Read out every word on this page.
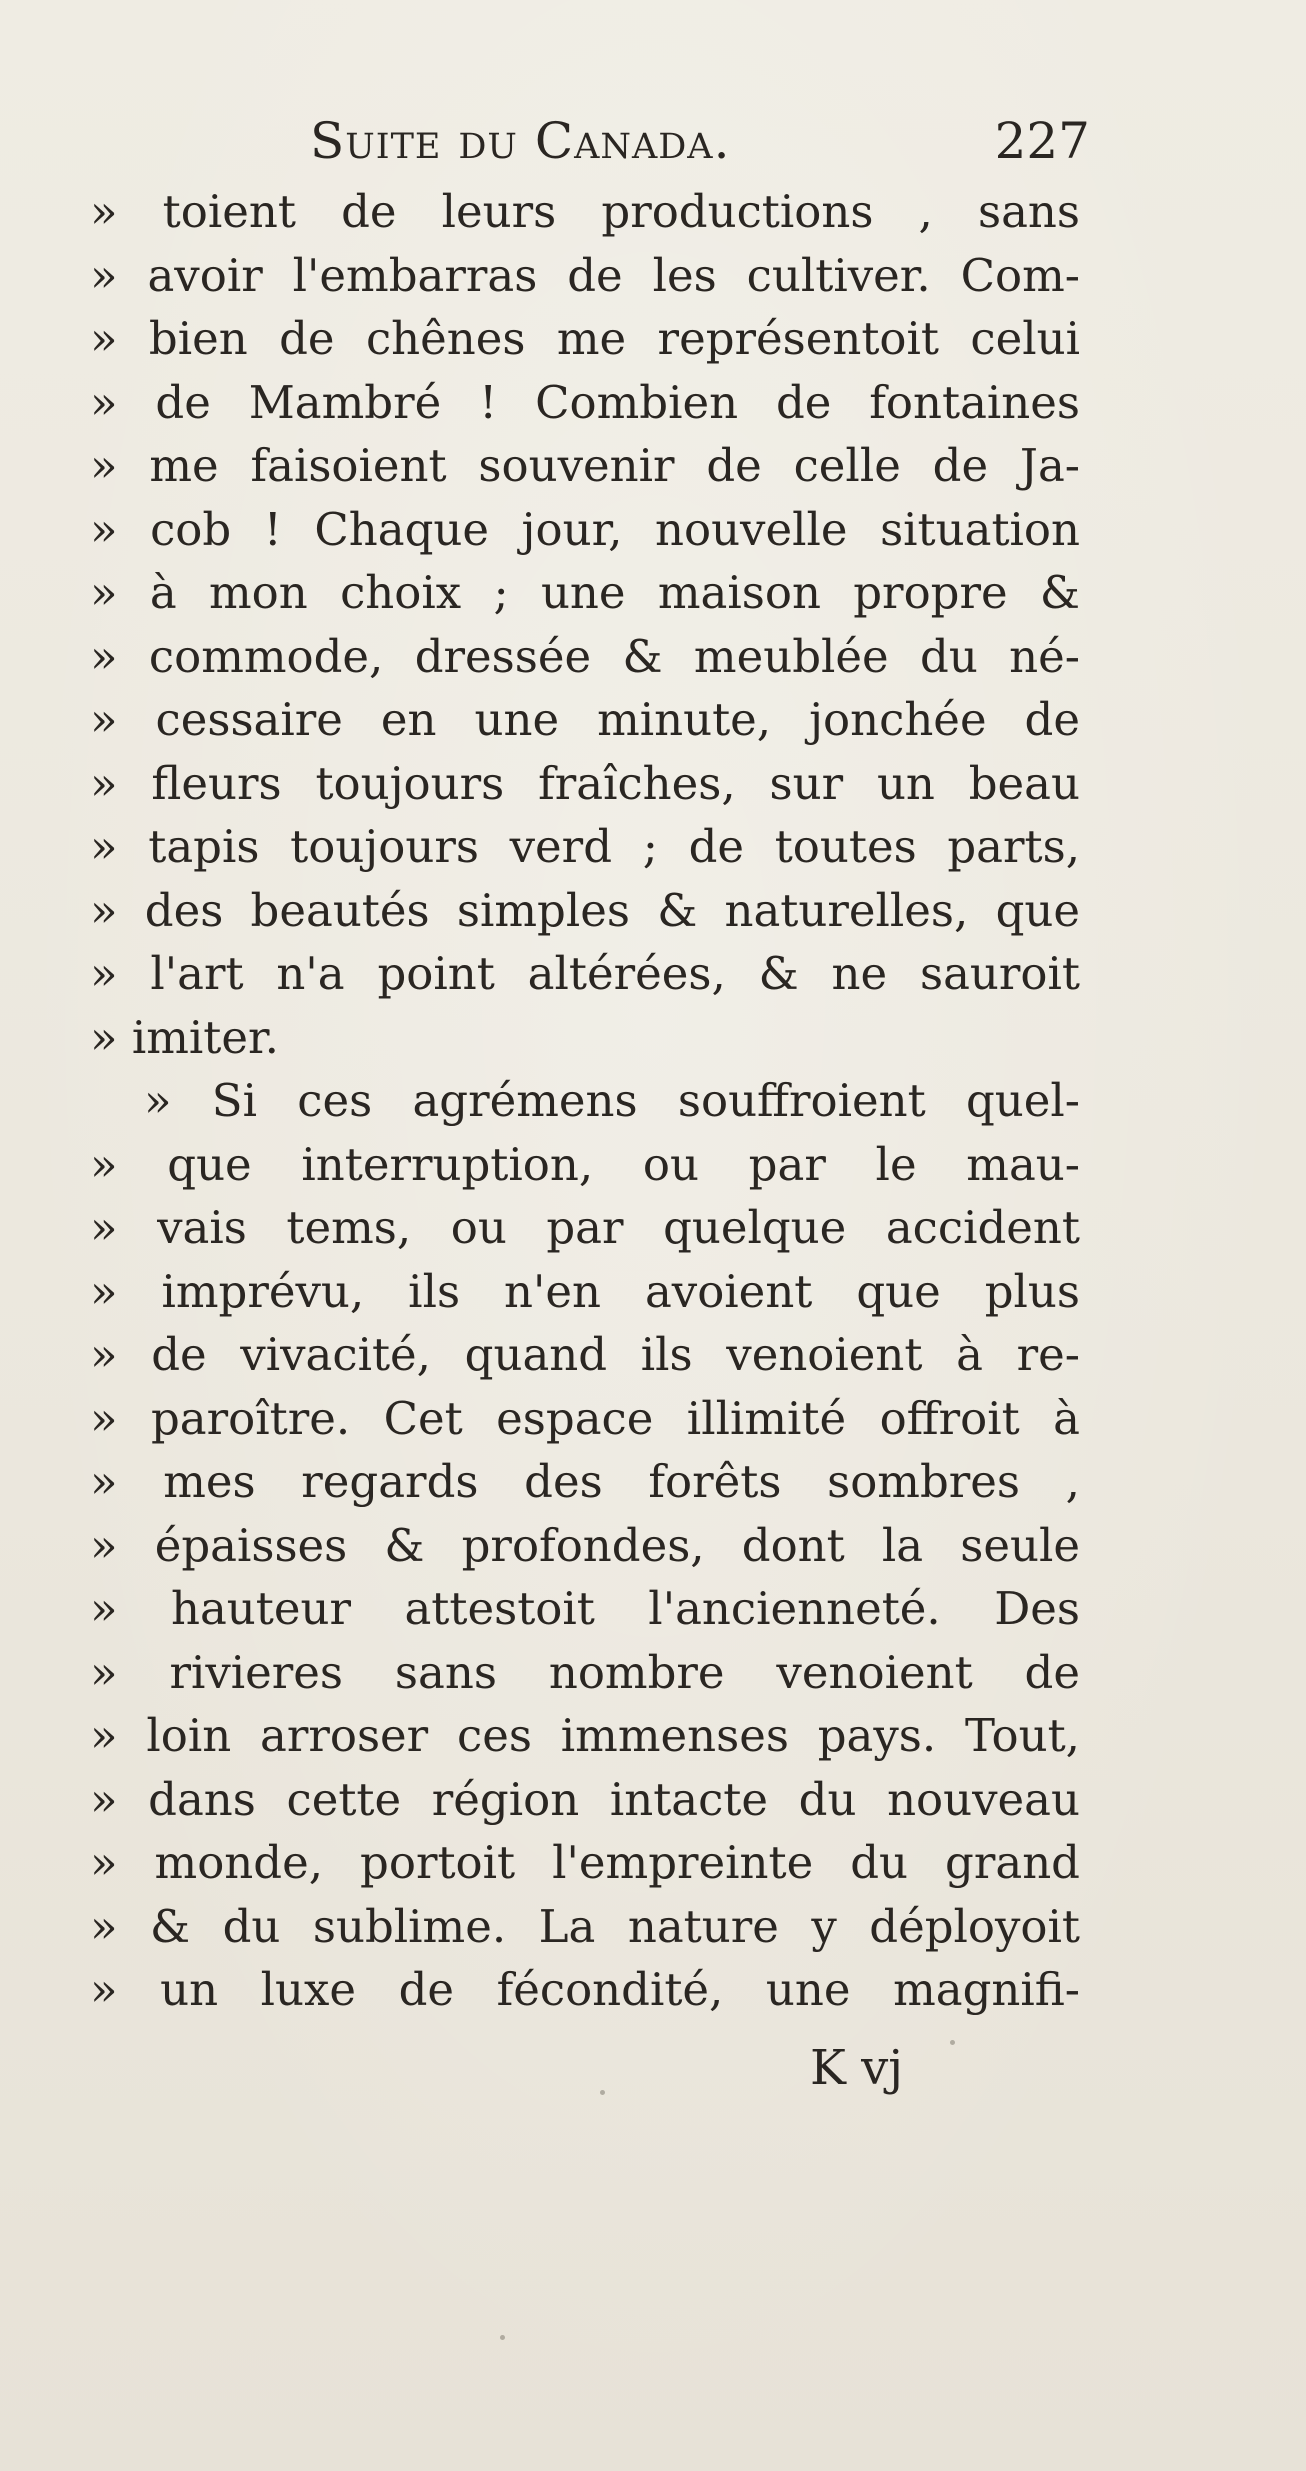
Suite du Canada.	227
» toient de leurs productions , sans
» avoir l'embarras de les cultiver. Com-
» bien de chênes me représentoit celui
» de Mambré ! Combien de fontaines
» me faisoient souvenir de celle de Ja-
» cob ! Chaque jour, nouvelle situation
» à mon choix ; une maison propre &
» commode, dressée & meublée du né-
» cessaire en une minute, jonchée de
» fleurs toujours fraîches, sur un beau
» tapis toujours verd ; de toutes parts,
» des beautés simples & naturelles, que
» l'art n'a point altérées, & ne sauroit
» imiter.
» Si ces agrémens souffroient quel-
» que interruption, ou par le mau-
» vais tems, ou par quelque accident
» imprévu, ils n'en avoient que plus
» de vivacité, quand ils venoient à re-
» paroître. Cet espace illimité offroit à
» mes regards des forêts sombres ,
» épaisses & profondes, dont la seule
» hauteur attestoit l'ancienneté. Des
» rivieres sans nombre venoient de
» loin arroser ces immenses pays. Tout,
» dans cette région intacte du nouveau
» monde, portoit l'empreinte du grand
» & du sublime. La nature y déployoit
» un luxe de fécondité, une magnifi-
K vj
